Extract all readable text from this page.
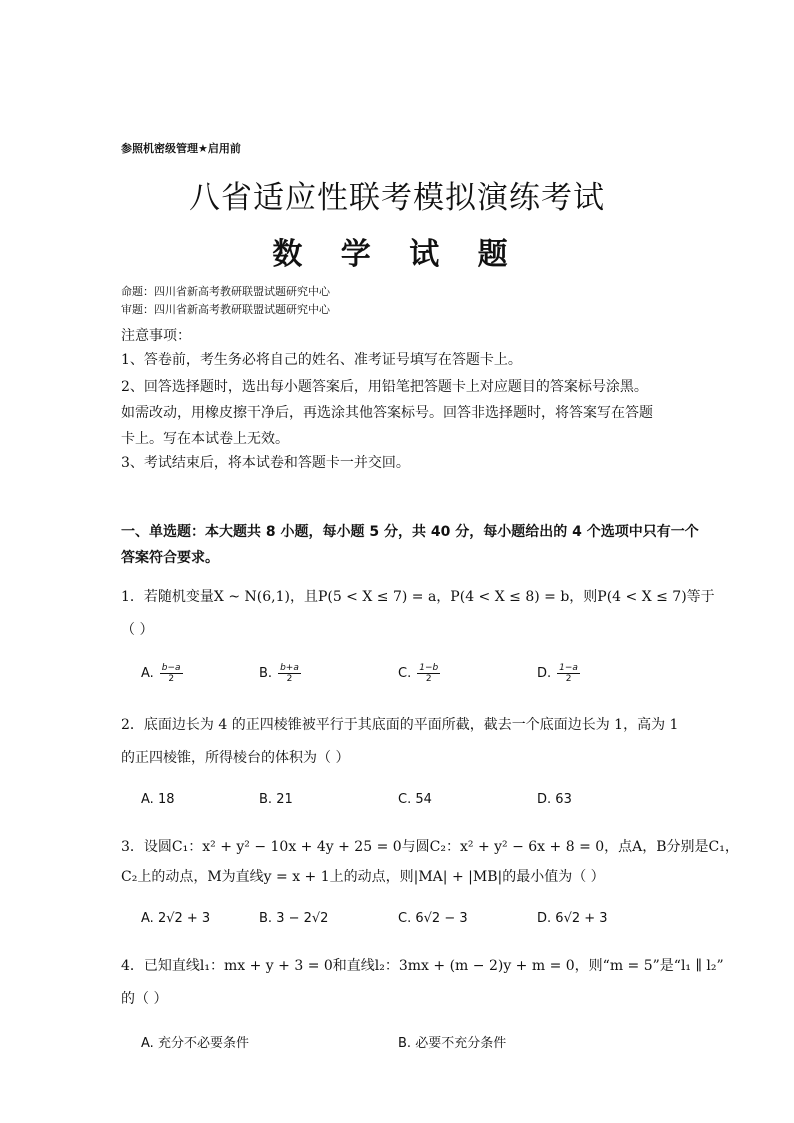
参照机密级管理★启用前
八省适应性联考模拟演练考试
数 学 试 题
命题：四川省新高考教研联盟试题研究中心
审题：四川省新高考教研联盟试题研究中心
注意事项：
1、答卷前，考生务必将自己的姓名、准考证号填写在答题卡上。
2、回答选择题时，选出每小题答案后，用铅笔把答题卡上对应题目的答案标号涂黑。
如需改动，用橡皮擦干净后，再选涂其他答案标号。回答非选择题时，将答案写在答题
卡上。写在本试卷上无效。
3、考试结束后，将本试卷和答题卡一并交回。
一、单选题：本大题共 8 小题，每小题 5 分，共 40 分，每小题给出的 4 个选项中只有一个
答案符合要求。
1．若随机变量X ~ N(6,1)，且P(5 < X ≤ 7) = a，P(4 < X ≤ 8) = b，则P(4 < X ≤ 7)等于
（ ）
A. $\frac{b-a}{2}$	B. $\frac{b+a}{2}$	C. $\frac{1-b}{2}$	D. $\frac{1-a}{2}$
2．底面边长为 4 的正四棱锥被平行于其底面的平面所截，截去一个底面边长为 1，高为 1
的正四棱锥，所得棱台的体积为（ ）
A. 18	B. 21	C. 54	D. 63
3．设圆C₁：x² + y² − 10x + 4y + 25 = 0与圆C₂：x² + y² − 6x + 8 = 0，点A，B分别是C₁，
C₂上的动点，M为直线y = x + 1上的动点，则|MA| + |MB|的最小值为（ ）
A. 2√2 + 3	B. 3 − 2√2	C. 6√2 − 3	D. 6√2 + 3
4．已知直线l₁：mx + y + 3 = 0和直线l₂：3mx + (m − 2)y + m = 0，则“m = 5”是“l₁ ∥ l₂”
的（ ）
A. 充分不必要条件	B. 必要不充分条件
